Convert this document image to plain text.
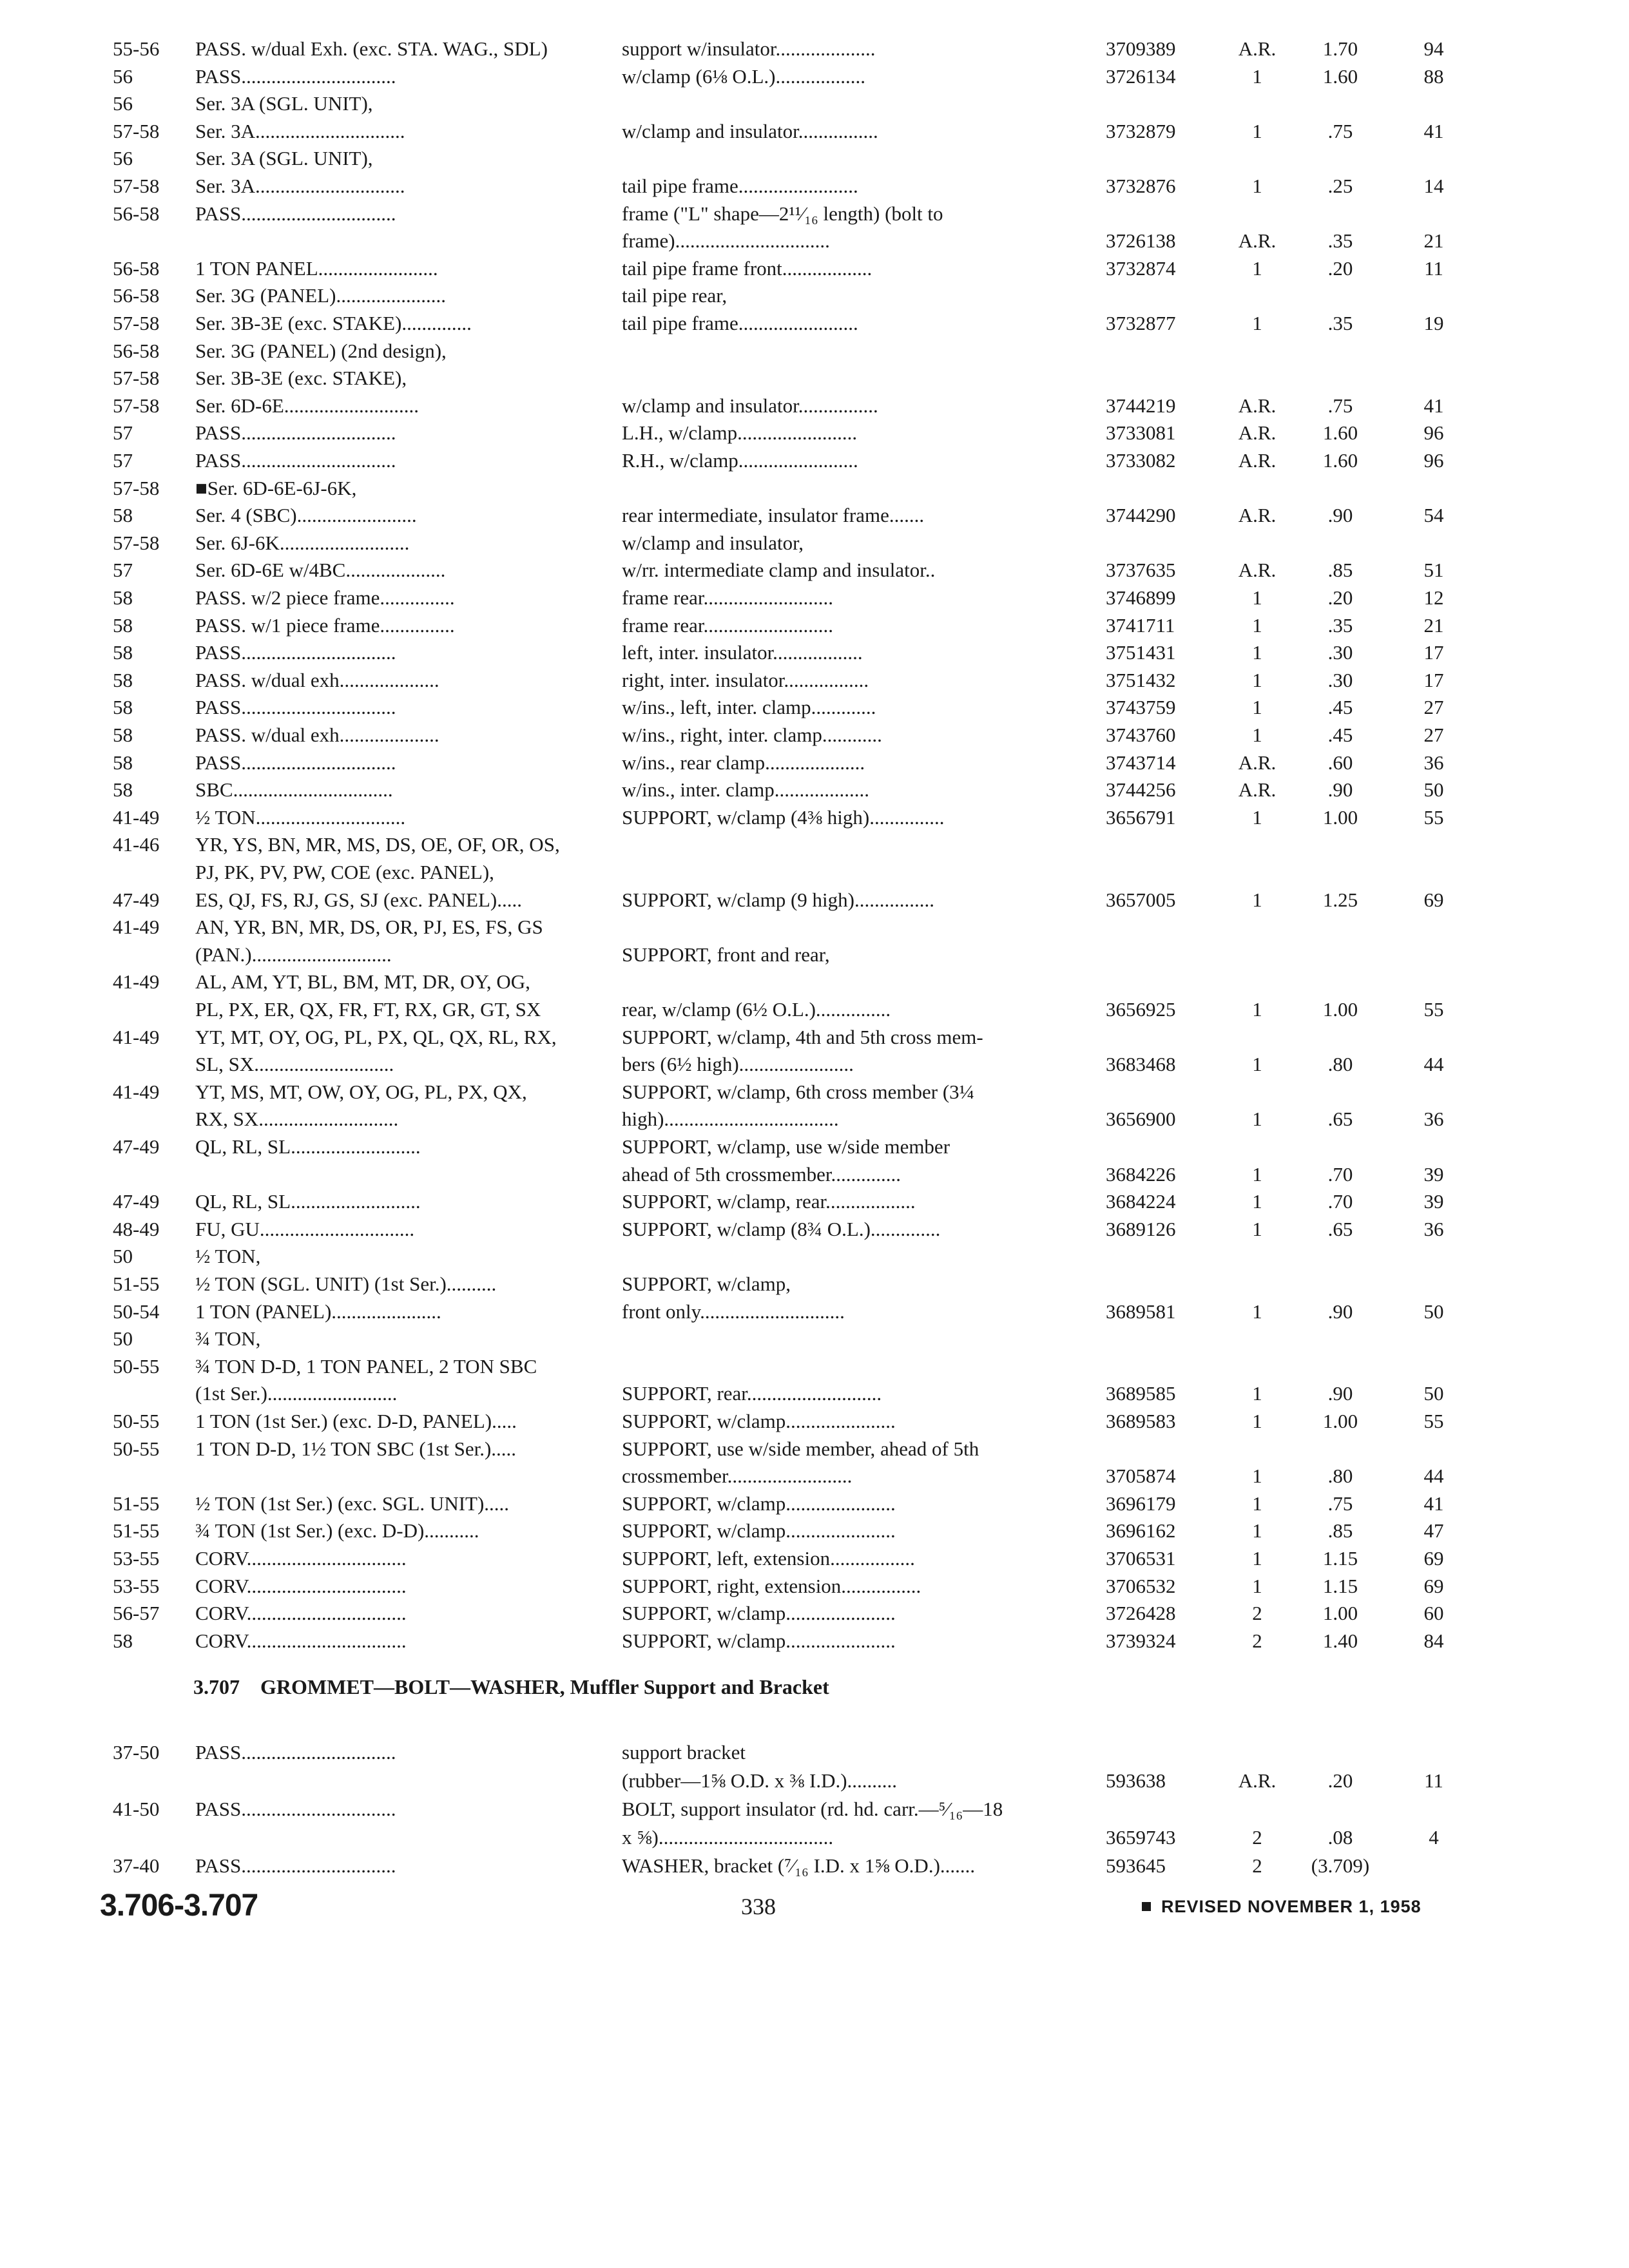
55-56	PASS. w/dual Exh. (exc. STA. WAG., SDL)	support w/insulator....................	3709389	A.R.	1.70	94
56	PASS...............................	w/clamp (6⅛ O.L.)..................	3726134	1	1.60	88
56	Ser. 3A (SGL. UNIT),
57-58	Ser. 3A..............................	w/clamp and insulator................	3732879	1	.75	41
56	Ser. 3A (SGL. UNIT),
57-58	Ser. 3A..............................	tail pipe frame........................	3732876	1	.25	14
56-58	PASS...............................	frame ("L" shape—2¹¹⁄₁₆ length) (bolt to
frame)...............................	3726138	A.R.	.35	21
56-58	1 TON PANEL........................	tail pipe frame front..................	3732874	1	.20	11
56-58	Ser. 3G (PANEL)......................	tail pipe rear,
57-58	Ser. 3B-3E (exc. STAKE)..............	tail pipe frame........................	3732877	1	.35	19
56-58	Ser. 3G (PANEL) (2nd design),
57-58	Ser. 3B-3E (exc. STAKE),
57-58	Ser. 6D-6E...........................	w/clamp and insulator................	3744219	A.R.	.75	41
57	PASS...............................	L.H., w/clamp........................	3733081	A.R.	1.60	96
57	PASS...............................	R.H., w/clamp........................	3733082	A.R.	1.60	96
57-58	■Ser. 6D-6E-6J-6K,
58	Ser. 4 (SBC)........................	rear intermediate, insulator frame.......	3744290	A.R.	.90	54
57-58	Ser. 6J-6K..........................	w/clamp and insulator,
57	Ser. 6D-6E w/4BC....................	w/rr. intermediate clamp and insulator..	3737635	A.R.	.85	51
58	PASS. w/2 piece frame...............	frame rear..........................	3746899	1	.20	12
58	PASS. w/1 piece frame...............	frame rear..........................	3741711	1	.35	21
58	PASS...............................	left, inter. insulator..................	3751431	1	.30	17
58	PASS. w/dual exh....................	right, inter. insulator.................	3751432	1	.30	17
58	PASS...............................	w/ins., left, inter. clamp.............	3743759	1	.45	27
58	PASS. w/dual exh....................	w/ins., right, inter. clamp............	3743760	1	.45	27
58	PASS...............................	w/ins., rear clamp....................	3743714	A.R.	.60	36
58	SBC................................	w/ins., inter. clamp...................	3744256	A.R.	.90	50
41-49	½ TON..............................	SUPPORT, w/clamp (4⅜ high)...............	3656791	1	1.00	55
41-46	YR, YS, BN, MR, MS, DS, OE, OF, OR, OS,
PJ, PK, PV, PW, COE (exc. PANEL),
47-49	ES, QJ, FS, RJ, GS, SJ (exc. PANEL).....	SUPPORT, w/clamp (9 high)................	3657005	1	1.25	69
41-49	AN, YR, BN, MR, DS, OR, PJ, ES, FS, GS
(PAN.)............................	SUPPORT, front and rear,
41-49	AL, AM, YT, BL, BM, MT, DR, OY, OG,
PL, PX, ER, QX, FR, FT, RX, GR, GT, SX	rear, w/clamp (6½ O.L.)...............	3656925	1	1.00	55
41-49	YT, MT, OY, OG, PL, PX, QL, QX, RL, RX,	SUPPORT, w/clamp, 4th and 5th cross mem-
SL, SX............................	bers (6½ high).......................	3683468	1	.80	44
41-49	YT, MS, MT, OW, OY, OG, PL, PX, QX,	SUPPORT, w/clamp, 6th cross member (3¼
RX, SX............................	high)...................................	3656900	1	.65	36
47-49	QL, RL, SL..........................	SUPPORT, w/clamp, use w/side member
ahead of 5th crossmember..............	3684226	1	.70	39
47-49	QL, RL, SL..........................	SUPPORT, w/clamp, rear..................	3684224	1	.70	39
48-49	FU, GU...............................	SUPPORT, w/clamp (8¾ O.L.)..............	3689126	1	.65	36
50	½ TON,
51-55	½ TON (SGL. UNIT) (1st Ser.)..........	SUPPORT, w/clamp,
50-54	1 TON (PANEL)......................	front only.............................	3689581	1	.90	50
50	¾ TON,
50-55	¾ TON D-D, 1 TON PANEL, 2 TON SBC
(1st Ser.)..........................	SUPPORT, rear...........................	3689585	1	.90	50
50-55	1 TON (1st Ser.) (exc. D-D, PANEL).....	SUPPORT, w/clamp......................	3689583	1	1.00	55
50-55	1 TON D-D, 1½ TON SBC (1st Ser.).....	SUPPORT, use w/side member, ahead of 5th
crossmember.........................	3705874	1	.80	44
51-55	½ TON (1st Ser.) (exc. SGL. UNIT).....	SUPPORT, w/clamp......................	3696179	1	.75	41
51-55	¾ TON (1st Ser.) (exc. D-D)...........	SUPPORT, w/clamp......................	3696162	1	.85	47
53-55	CORV................................	SUPPORT, left, extension.................	3706531	1	1.15	69
53-55	CORV................................	SUPPORT, right, extension................	3706532	1	1.15	69
56-57	CORV................................	SUPPORT, w/clamp......................	3726428	2	1.00	60
58	CORV................................	SUPPORT, w/clamp......................	3739324	2	1.40	84
3.707 GROMMET—BOLT—WASHER, Muffler Support and Bracket
37-50	PASS...............................	support bracket
(rubber—1⅝ O.D. x ⅜ I.D.)..........	593638	A.R.	.20	11
41-50	PASS...............................	BOLT, support insulator (rd. hd. carr.—⁵⁄₁₆—18
x ⅝)...................................	3659743	2	.08	4
37-40	PASS...............................	WASHER, bracket (⁷⁄₁₆ I.D. x 1⅝ O.D.).......	593645	2	(3.709)
3.706-3.707	338	REVISED NOVEMBER 1, 1958
